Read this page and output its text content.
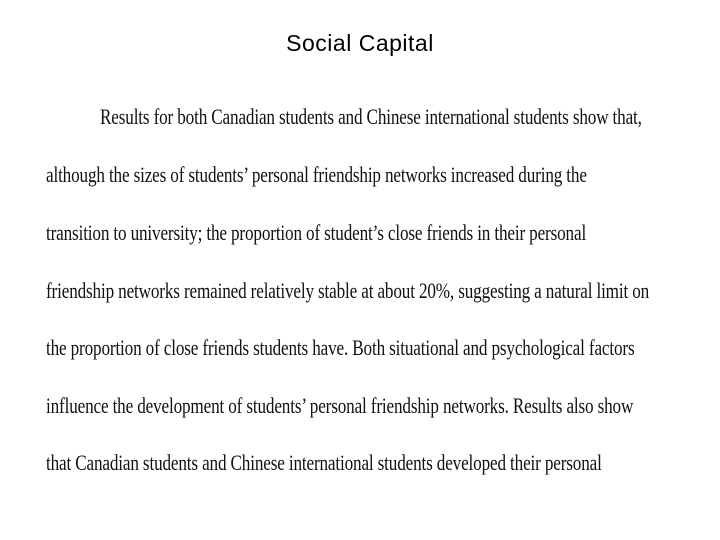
Social Capital
Results for both Canadian students and Chinese international students show that,
although the sizes of students’ personal friendship networks increased during the
transition to university; the proportion of student’s close friends in their personal
friendship networks remained relatively stable at about 20%, suggesting a natural limit on
the proportion of close friends students have. Both situational and psychological factors
influence the development of students’ personal friendship networks. Results also show
that Canadian students and Chinese international students developed their personal
